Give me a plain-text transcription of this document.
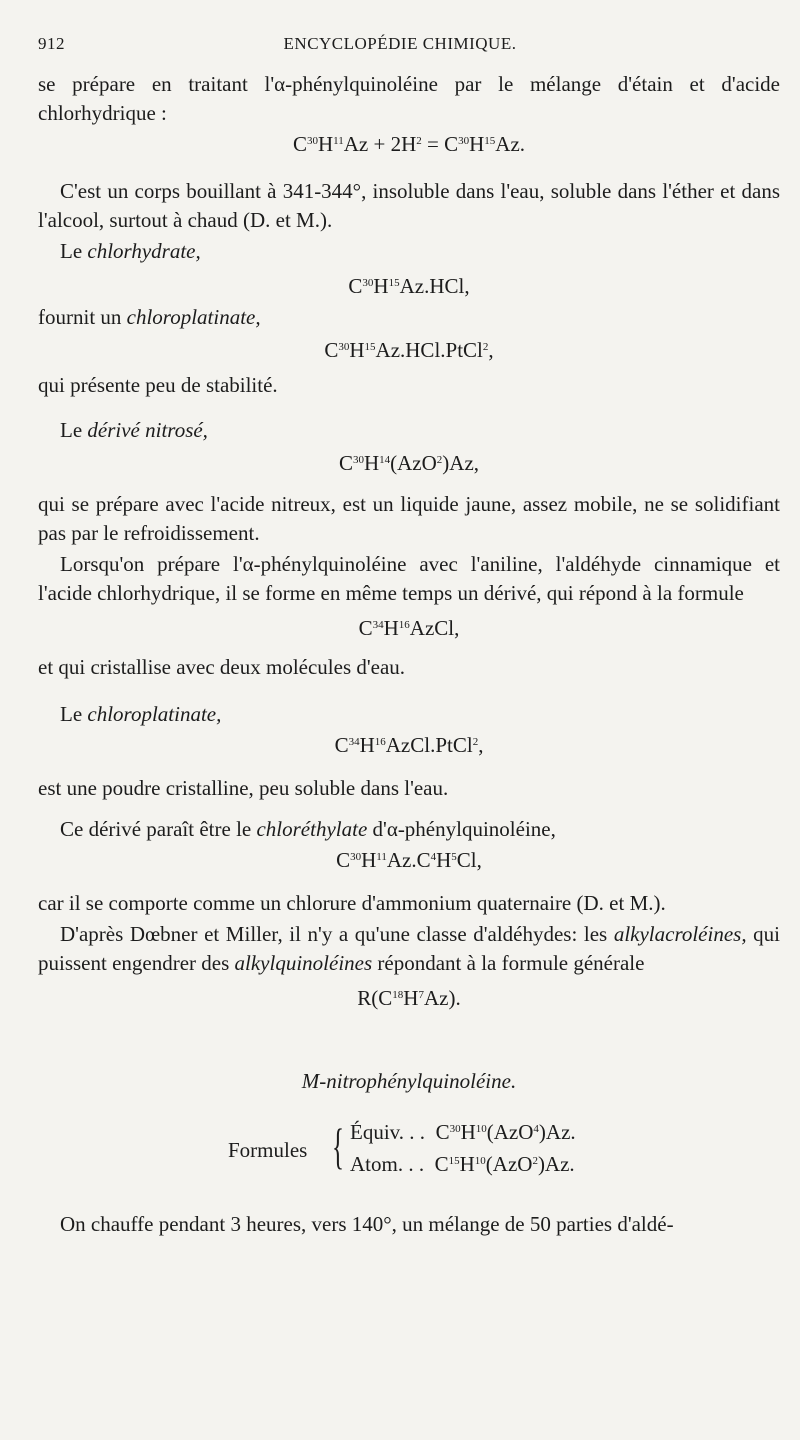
912	ENCYCLOPÉDIE CHIMIQUE.

se prépare en traitant l'α-phénylquinoléine par le mélange d'étain et d'acide chlorhydrique :

$C^{30}H^{11}Az + 2H^2 = C^{30}H^{15}Az$.

C'est un corps bouillant à 341-344°, insoluble dans l'eau, soluble dans l'éther et dans l'alcool, surtout à chaud (D. et M.).

Le chlorhydrate,

$C^{30}H^{15}Az.HCl$,

fournit un chloroplatinate,

$C^{30}H^{15}Az.HCl.PtCl^2$,

qui présente peu de stabilité.

Le dérivé nitrosé,

$C^{30}H^{14}(AzO^2)Az$,

qui se prépare avec l'acide nitreux, est un liquide jaune, assez mobile, ne se solidifiant pas par le refroidissement.

Lorsqu'on prépare l'α-phénylquinoléine avec l'aniline, l'aldéhyde cinnamique et l'acide chlorhydrique, il se forme en même temps un dérivé, qui répond à la formule

$C^{34}H^{16}AzCl$,

et qui cristallise avec deux molécules d'eau.

Le chloroplatinate,

$C^{34}H^{16}AzCl.PtCl^2$,

est une poudre cristalline, peu soluble dans l'eau.

Ce dérivé paraît être le chloréthylate d'α-phénylquinoléine,

$C^{30}H^{11}Az.C^4H^5Cl$,

car il se comporte comme un chlorure d'ammonium quaternaire (D. et M.).

D'après Dœbner et Miller, il n'y a qu'une classe d'aldéhydes: les alkylacroléines, qui puissent engendrer des alkylquinoléines répondant à la formule générale

$R(C^{18}H^7Az)$.

M-nitrophénylquinoléine.

Formules { Équiv. . .  $C^{30}H^{10}(AzO^4)Az$.
Atom. . .  $C^{15}H^{10}(AzO^2)Az$.

On chauffe pendant 3 heures, vers 140°, un mélange de 50 parties d'aldé-
